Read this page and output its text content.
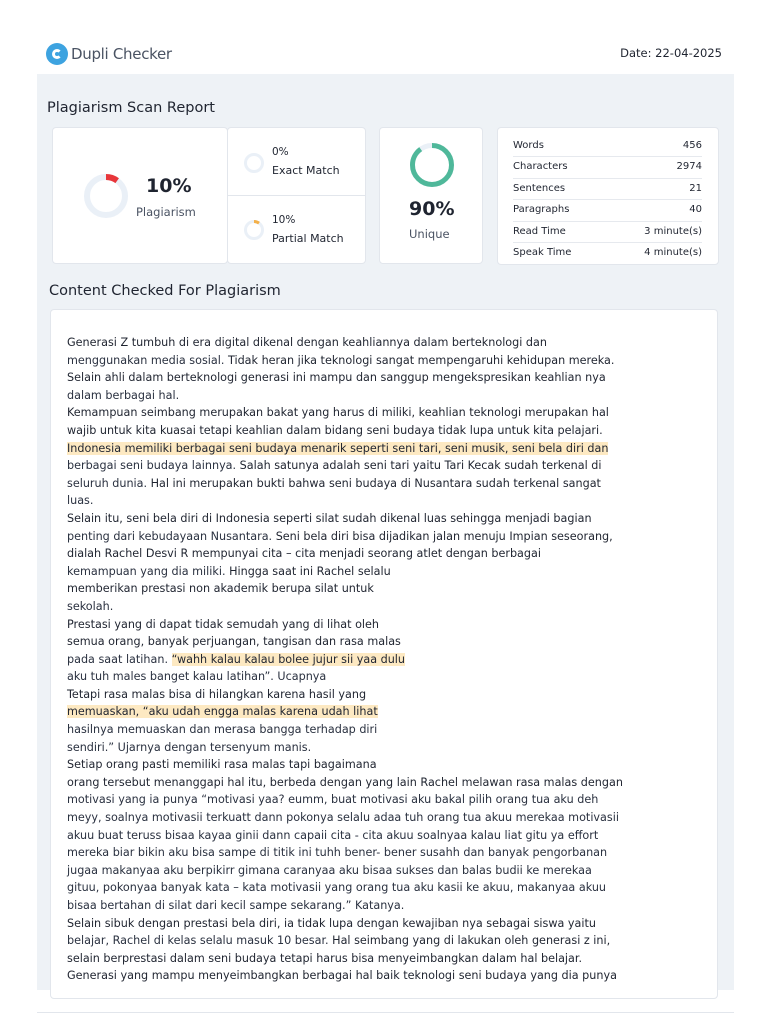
Dupli Checker	Date: 22-04-2025
Plagiarism Scan Report
10%
Plagiarism
0%
Exact Match
10%
Partial Match
90%
Unique
Words	456
Characters	2974
Sentences	21
Paragraphs	40
Read Time	3 minute(s)
Speak Time	4 minute(s)
Content Checked For Plagiarism
Generasi Z tumbuh di era digital dikenal dengan keahliannya dalam berteknologi dan
menggunakan media sosial. Tidak heran jika teknologi sangat mempengaruhi kehidupan mereka.
Selain ahli dalam berteknologi generasi ini mampu dan sanggup mengekspresikan keahlian nya
dalam berbagai hal.
Kemampuan seimbang merupakan bakat yang harus di miliki, keahlian teknologi merupakan hal
wajib untuk kita kuasai tetapi keahlian dalam bidang seni budaya tidak lupa untuk kita pelajari.
Indonesia memiliki berbagai seni budaya menarik seperti seni tari, seni musik, seni bela diri dan
berbagai seni budaya lainnya. Salah satunya adalah seni tari yaitu Tari Kecak sudah terkenal di
seluruh dunia. Hal ini merupakan bukti bahwa seni budaya di Nusantara sudah terkenal sangat
luas.
Selain itu, seni bela diri di Indonesia seperti silat sudah dikenal luas sehingga menjadi bagian
penting dari kebudayaan Nusantara. Seni bela diri bisa dijadikan jalan menuju Impian seseorang,
dialah Rachel Desvi R mempunyai cita – cita menjadi seorang atlet dengan berbagai
kemampuan yang dia miliki. Hingga saat ini Rachel selalu
memberikan prestasi non akademik berupa silat untuk
sekolah.
Prestasi yang di dapat tidak semudah yang di lihat oleh
semua orang, banyak perjuangan, tangisan dan rasa malas
pada saat latihan. “wahh kalau kalau bolee jujur sii yaa dulu
aku tuh males banget kalau latihan”. Ucapnya
Tetapi rasa malas bisa di hilangkan karena hasil yang
memuaskan, “aku udah engga malas karena udah lihat
hasilnya memuaskan dan merasa bangga terhadap diri
sendiri.” Ujarnya dengan tersenyum manis.
Setiap orang pasti memiliki rasa malas tapi bagaimana
orang tersebut menanggapi hal itu, berbeda dengan yang lain Rachel melawan rasa malas dengan
motivasi yang ia punya “motivasi yaa? eumm, buat motivasi aku bakal pilih orang tua aku deh
meyy, soalnya motivasii terkuatt dann pokonya selalu adaa tuh orang tua akuu merekaa motivasii
akuu buat teruss bisaa kayaa ginii dann capaii cita - cita akuu soalnyaa kalau liat gitu ya effort
mereka biar bikin aku bisa sampe di titik ini tuhh bener- bener susahh dan banyak pengorbanan
jugaa makanyaa aku berpikirr gimana caranyaa aku bisaa sukses dan balas budii ke merekaa
gituu, pokonyaa banyak kata – kata motivasii yang orang tua aku kasii ke akuu, makanyaa akuu
bisaa bertahan di silat dari kecil sampe sekarang.” Katanya.
Selain sibuk dengan prestasi bela diri, ia tidak lupa dengan kewajiban nya sebagai siswa yaitu
belajar, Rachel di kelas selalu masuk 10 besar. Hal seimbang yang di lakukan oleh generasi z ini,
selain berprestasi dalam seni budaya tetapi harus bisa menyeimbangkan dalam hal belajar.
Generasi yang mampu menyeimbangkan berbagai hal baik teknologi seni budaya yang dia punya
